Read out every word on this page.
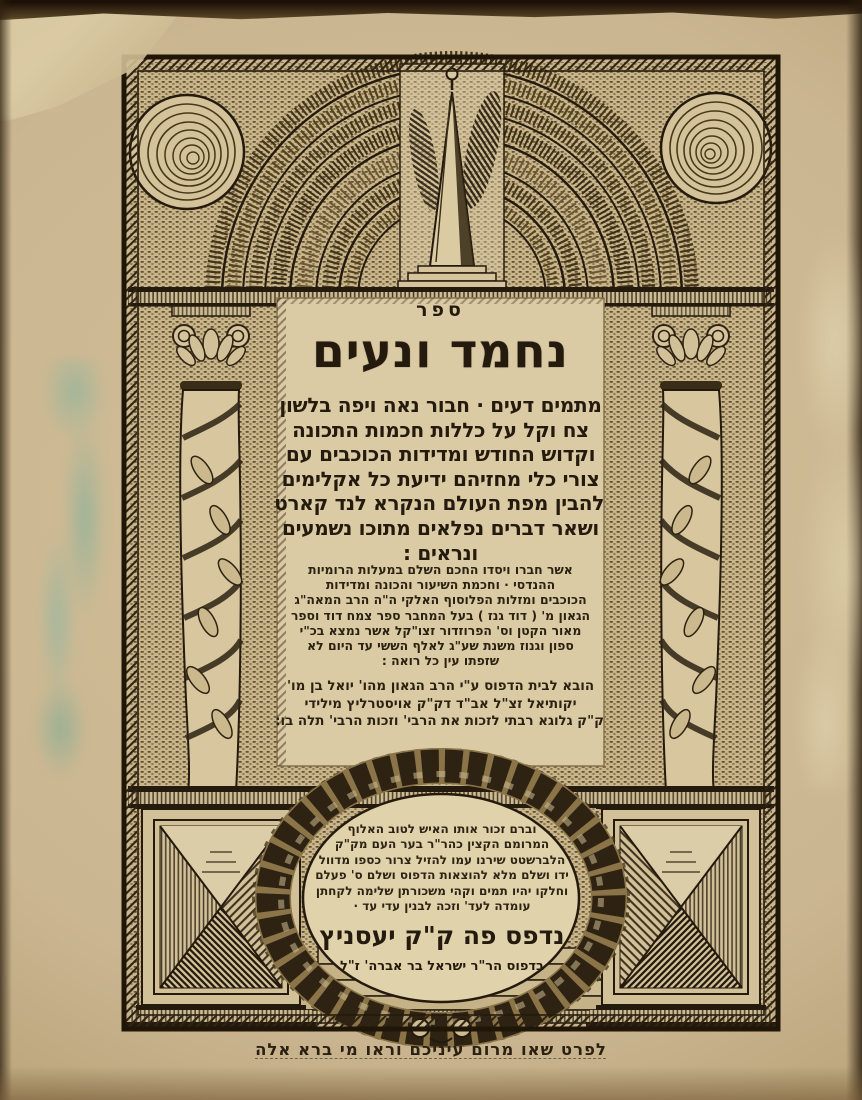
ספר
נחמד ונעים
מתמים דעים · חבור נאה ויפה בלשון
צח וקל על כללות חכמות התכונה
וקדוש החודש ומדידות הכוכבים עם
צורי כלי מחזיהם ידיעת כל אקלימים
להבין מפת העולם הנקרא לנד קארט
ושאר דברים נפלאים מתוכו נשמעים
ונראים :
אשר חברו ויסדו החכם השלם במעלות הרומיות
ההנדסי · וחכמת השיעור והכונה ומדידות
הכוכבים ומזלות הפלוסוף האלקי ה"ה הרב המאה"ג
הגאון מ' ( דוד גנז ) בעל המחבר ספר צמח דוד וספר
מאור הקטן וס' הפרוזדור זצו"קל אשר נמצא בכ"י
ספון וגנוז משנת שע"ג לאלף הששי עד היום לא
שזפתו עין כל רואה :
הובא לבית הדפוס ע"י הרב הגאון מהו' יואל בן מו'
יקותיאל זצ"ל אב"ד דק"ק אויסטרליץ מילידי
ק"ק גלוגא רבתי לזכות את הרבי' וזכות הרבי' תלה בו:
וברם זכור אותו האיש לטוב האלוף
המרומם הקצין כהר"ר בער העם מק"ק
הלברשטט שירנו עמו להזיל צרור כספו מדוול
ידו ושלם מלא להוצאות הדפוס ושלם ס' פעלם
וחלקו יהיו תמים וקהי משכורתן שלימה לקחתן
עומדה לעד' וזכה לבנין עדי עד ·
נדפס פה ק"ק יעסניץ
בדפוס הר"ר ישראל בר אברה' ז"ל
לפרט שאו מרום עיניכם וראו מי ברא אלה
